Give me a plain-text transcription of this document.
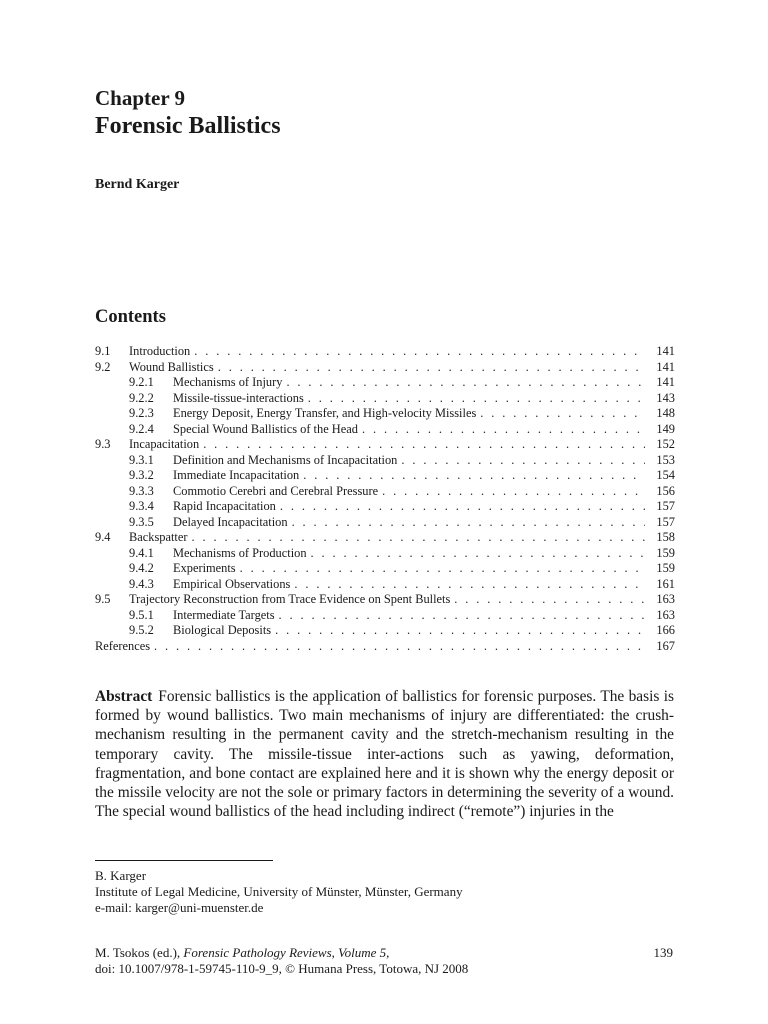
Chapter 9
Forensic Ballistics
Bernd Karger
Contents
9.1	Introduction . . .	141
9.2	Wound Ballistics . . .	141
9.2.1	Mechanisms of Injury . . .	141
9.2.2	Missile-tissue-interactions . . .	143
9.2.3	Energy Deposit, Energy Transfer, and High-velocity Missiles . . .	148
9.2.4	Special Wound Ballistics of the Head . . .	149
9.3	Incapacitation . . .	152
9.3.1	Definition and Mechanisms of Incapacitation . . .	153
9.3.2	Immediate Incapacitation . . .	154
9.3.3	Commotio Cerebri and Cerebral Pressure . . .	156
9.3.4	Rapid Incapacitation . . .	157
9.3.5	Delayed Incapacitation . . .	157
9.4	Backspatter . . .	158
9.4.1	Mechanisms of Production . . .	159
9.4.2	Experiments . . .	159
9.4.3	Empirical Observations . . .	161
9.5	Trajectory Reconstruction from Trace Evidence on Spent Bullets . . .	163
9.5.1	Intermediate Targets . . .	163
9.5.2	Biological Deposits . . .	166
References . . .	167
Abstract Forensic ballistics is the application of ballistics for forensic purposes. The basis is formed by wound ballistics. Two main mechanisms of injury are differentiated: the crush-mechanism resulting in the permanent cavity and the stretch-mechanism resulting in the temporary cavity. The missile-tissue inter-actions such as yawing, deformation, fragmentation, and bone contact are explained here and it is shown why the energy deposit or the missile velocity are not the sole or primary factors in determining the severity of a wound. The special wound ballistics of the head including indirect (“remote”) injuries in the
B. Karger
Institute of Legal Medicine, University of Münster, Münster, Germany
e-mail: karger@uni-muenster.de
M. Tsokos (ed.), Forensic Pathology Reviews, Volume 5,
doi: 10.1007/978-1-59745-110-9_9, © Humana Press, Totowa, NJ 2008
139
